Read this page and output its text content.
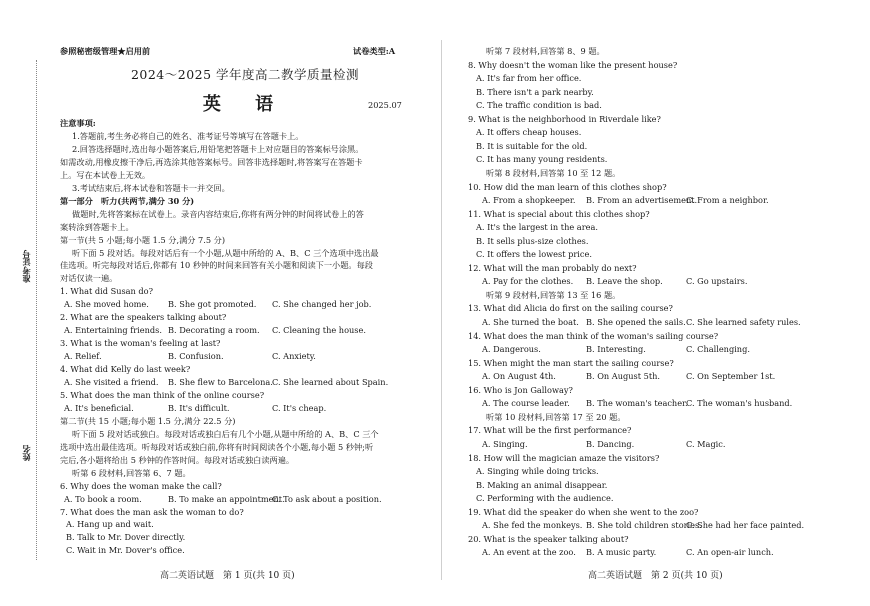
准考证号
姓名
参照秘密级管理★启用前	试卷类型:A
2024～2025 学年度高二教学质量检测
英 语	2025.07
注意事项:
1.答题前,考生务必将自己的姓名、准考证号等填写在答题卡上。
2.回答选择题时,选出每小题答案后,用铅笔把答题卡上对应题目的答案标号涂黑。
如需改动,用橡皮擦干净后,再选涂其他答案标号。回答非选择题时,将答案写在答题卡
上。写在本试卷上无效。
3.考试结束后,将本试卷和答题卡一并交回。
第一部分　听力(共两节,满分 30 分)
做题时,先将答案标在试卷上。录音内容结束后,你将有两分钟的时间将试卷上的答
案转涂到答题卡上。
第一节(共 5 小题;每小题 1.5 分,满分 7.5 分)
听下面 5 段对话。每段对话后有一个小题,从题中所给的 A、B、C 三个选项中选出最
佳选项。听完每段对话后,你都有 10 秒钟的时间来回答有关小题和阅读下一小题。每段
对话仅读一遍。
1. What did Susan do?
A. She moved home. B. She got promoted. C. She changed her job.
2. What are the speakers talking about?
A. Entertaining friends. B. Decorating a room. C. Cleaning the house.
3. What is the woman's feeling at last?
A. Relief.	B. Confusion.	C. Anxiety.
4. What did Kelly do last week?
A. She visited a friend. B. She flew to Barcelona. C. She learned about Spain.
5. What does the man think of the online course?
A. It's beneficial.	B. It's difficult.	C. It's cheap.
第二节(共 15 小题;每小题 1.5 分,满分 22.5 分)
听下面 5 段对话或独白。每段对话或独白后有几个小题,从题中所给的 A、B、C 三个
选项中选出最佳选项。听每段对话或独白前,你将有时间阅读各个小题,每小题 5 秒钟;听
完后,各小题将给出 5 秒钟的作答时间。每段对话或独白读两遍。
听第 6 段材料,回答第 6、7 题。
6. Why does the woman make the call?
A. To book a room.	B. To make an appointment.
C. To ask about a position.
7. What does the man ask the woman to do?
A. Hang up and wait.
B. Talk to Mr. Dover directly.
C. Wait in Mr. Dover's office.
听第 7 段材料,回答第 8、9 题。
8. Why doesn't the woman like the present house?
A. It's far from her office.
B. There isn't a park nearby.
C. The traffic condition is bad.
9. What is the neighborhood in Riverdale like?
A. It offers cheap houses.
B. It is suitable for the old.
C. It has many young residents.
听第 8 段材料,回答第 10 至 12 题。
10. How did the man learn of this clothes shop?
A. From a shopkeeper. B. From an advertisement.
C. From a neighbor.
11. What is special about this clothes shop?
A. It's the largest in the area.
B. It sells plus-size clothes.
C. It offers the lowest price.
12. What will the man probably do next?
A. Pay for the clothes. B. Leave the shop.	C. Go upstairs.
听第 9 段材料,回答第 13 至 16 题。
13. What did Alicia do first on the sailing course?
A. She turned the boat. B. She opened the sails. C. She learned safety rules.
14. What does the man think of the woman's sailing course?
A. Dangerous.	B. Interesting.	C. Challenging.
15. When might the man start the sailing course?
A. On August 4th.	B. On August 5th.	C. On September 1st.
16. Who is Jon Galloway?
A. The course leader. B. The woman's teacher.
C. The woman's husband.
听第 10 段材料,回答第 17 至 20 题。
17. What will be the first performance?
A. Singing.	B. Dancing.	C. Magic.
18. How will the magician amaze the visitors?
A. Singing while doing tricks.
B. Making an animal disappear.
C. Performing with the audience.
19. What did the speaker do when she went to the zoo?
A. She fed the monkeys. B. She told children stories.
C. She had her face painted.
20. What is the speaker talking about?
A. An event at the zoo. B. A music party.	C. An open-air lunch.
高二英语试题　第 1 页(共 10 页)	高二英语试题　第 2 页(共 10 页)
